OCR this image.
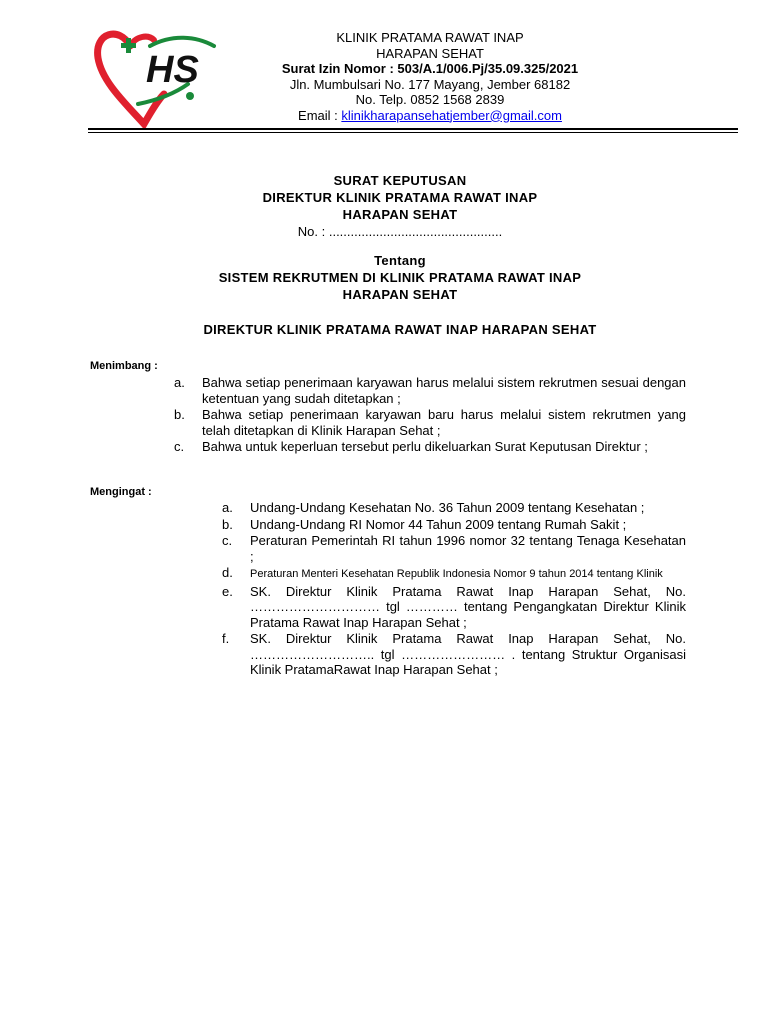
HS
KLINIK PRATAMA RAWAT INAP
HARAPAN SEHAT
Surat Izin Nomor : 503/A.1/006.Pj/35.09.325/2021
Jln. Mumbulsari No. 177 Mayang, Jember 68182
No. Telp. 0852 1568 2839
Email : klinikharapansehatjember@gmail.com
SURAT KEPUTUSAN
DIREKTUR KLINIK PRATAMA RAWAT INAP
HARAPAN SEHAT
No. : ................................................
Tentang
SISTEM REKRUTMEN DI KLINIK PRATAMA RAWAT INAP
HARAPAN SEHAT
DIREKTUR KLINIK PRATAMA RAWAT INAP HARAPAN SEHAT
Menimbang :
a.	Bahwa setiap penerimaan karyawan harus melalui sistem rekrutmen sesuai dengan ketentuan yang sudah ditetapkan ;
b.	Bahwa setiap penerimaan karyawan baru harus melalui sistem rekrutmen yang telah ditetapkan di Klinik Harapan Sehat ;
c.	Bahwa untuk keperluan tersebut perlu dikeluarkan Surat Keputusan Direktur ;
Mengingat :
a.	Undang-Undang Kesehatan No. 36 Tahun 2009 tentang Kesehatan ;
b.	Undang-Undang RI Nomor 44 Tahun 2009 tentang Rumah Sakit ;
c.	Peraturan Pemerintah RI tahun 1996 nomor 32 tentang Tenaga Kesehatan ;
d.	Peraturan Menteri Kesehatan Republik Indonesia Nomor 9 tahun 2014 tentang Klinik
e.	SK. Direktur Klinik Pratama Rawat Inap Harapan Sehat, No. ………………………… tgl ………… tentang Pengangkatan Direktur Klinik Pratama Rawat Inap Harapan Sehat ;
f.	SK. Direktur Klinik Pratama Rawat Inap Harapan Sehat, No. ……………………….. tgl …………………… . tentang Struktur Organisasi Klinik PratamaRawat Inap Harapan Sehat ;
